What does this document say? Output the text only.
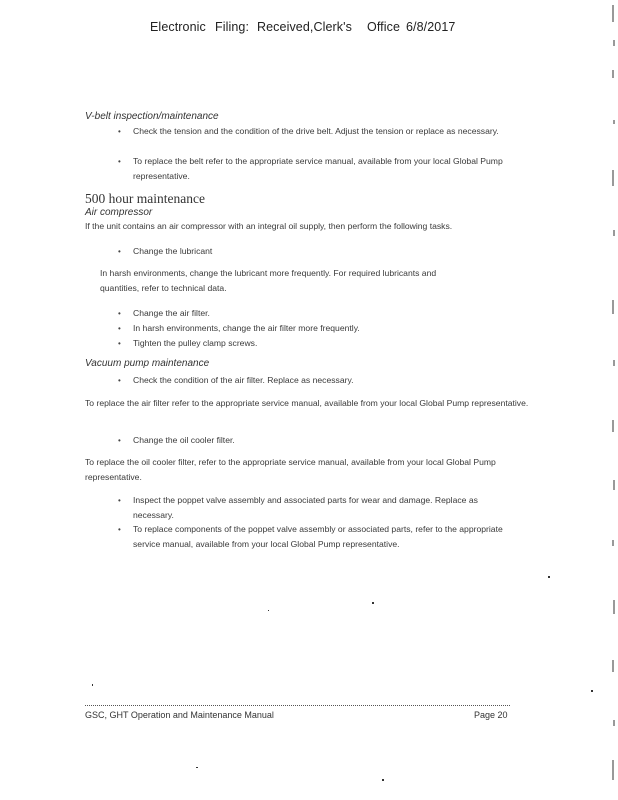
Electronic Filing: Received,Clerk's Office 6/8/2017
V-belt inspection/maintenance
• Check the tension and the condition of the drive belt. Adjust the tension or replace as necessary.
• To replace the belt refer to the appropriate service manual, available from your local Global Pump representative.
500 hour maintenance
Air compressor
If the unit contains an air compressor with an integral oil supply, then perform the following tasks.
• Change the lubricant
In harsh environments, change the lubricant more frequently. For required lubricants and quantities, refer to technical data.
• Change the air filter.
• In harsh environments, change the air filter more frequently.
• Tighten the pulley clamp screws.
Vacuum pump maintenance
• Check the condition of the air filter. Replace as necessary.
To replace the air filter refer to the appropriate service manual, available from your local Global Pump representative.
• Change the oil cooler filter.
To replace the oil cooler filter, refer to the appropriate service manual, available from your local Global Pump representative.
• Inspect the poppet valve assembly and associated parts for wear and damage. Replace as necessary.
• To replace components of the poppet valve assembly or associated parts, refer to the appropriate service manual, available from your local Global Pump representative.
GSC, GHT Operation and Maintenance Manual	Page 20
